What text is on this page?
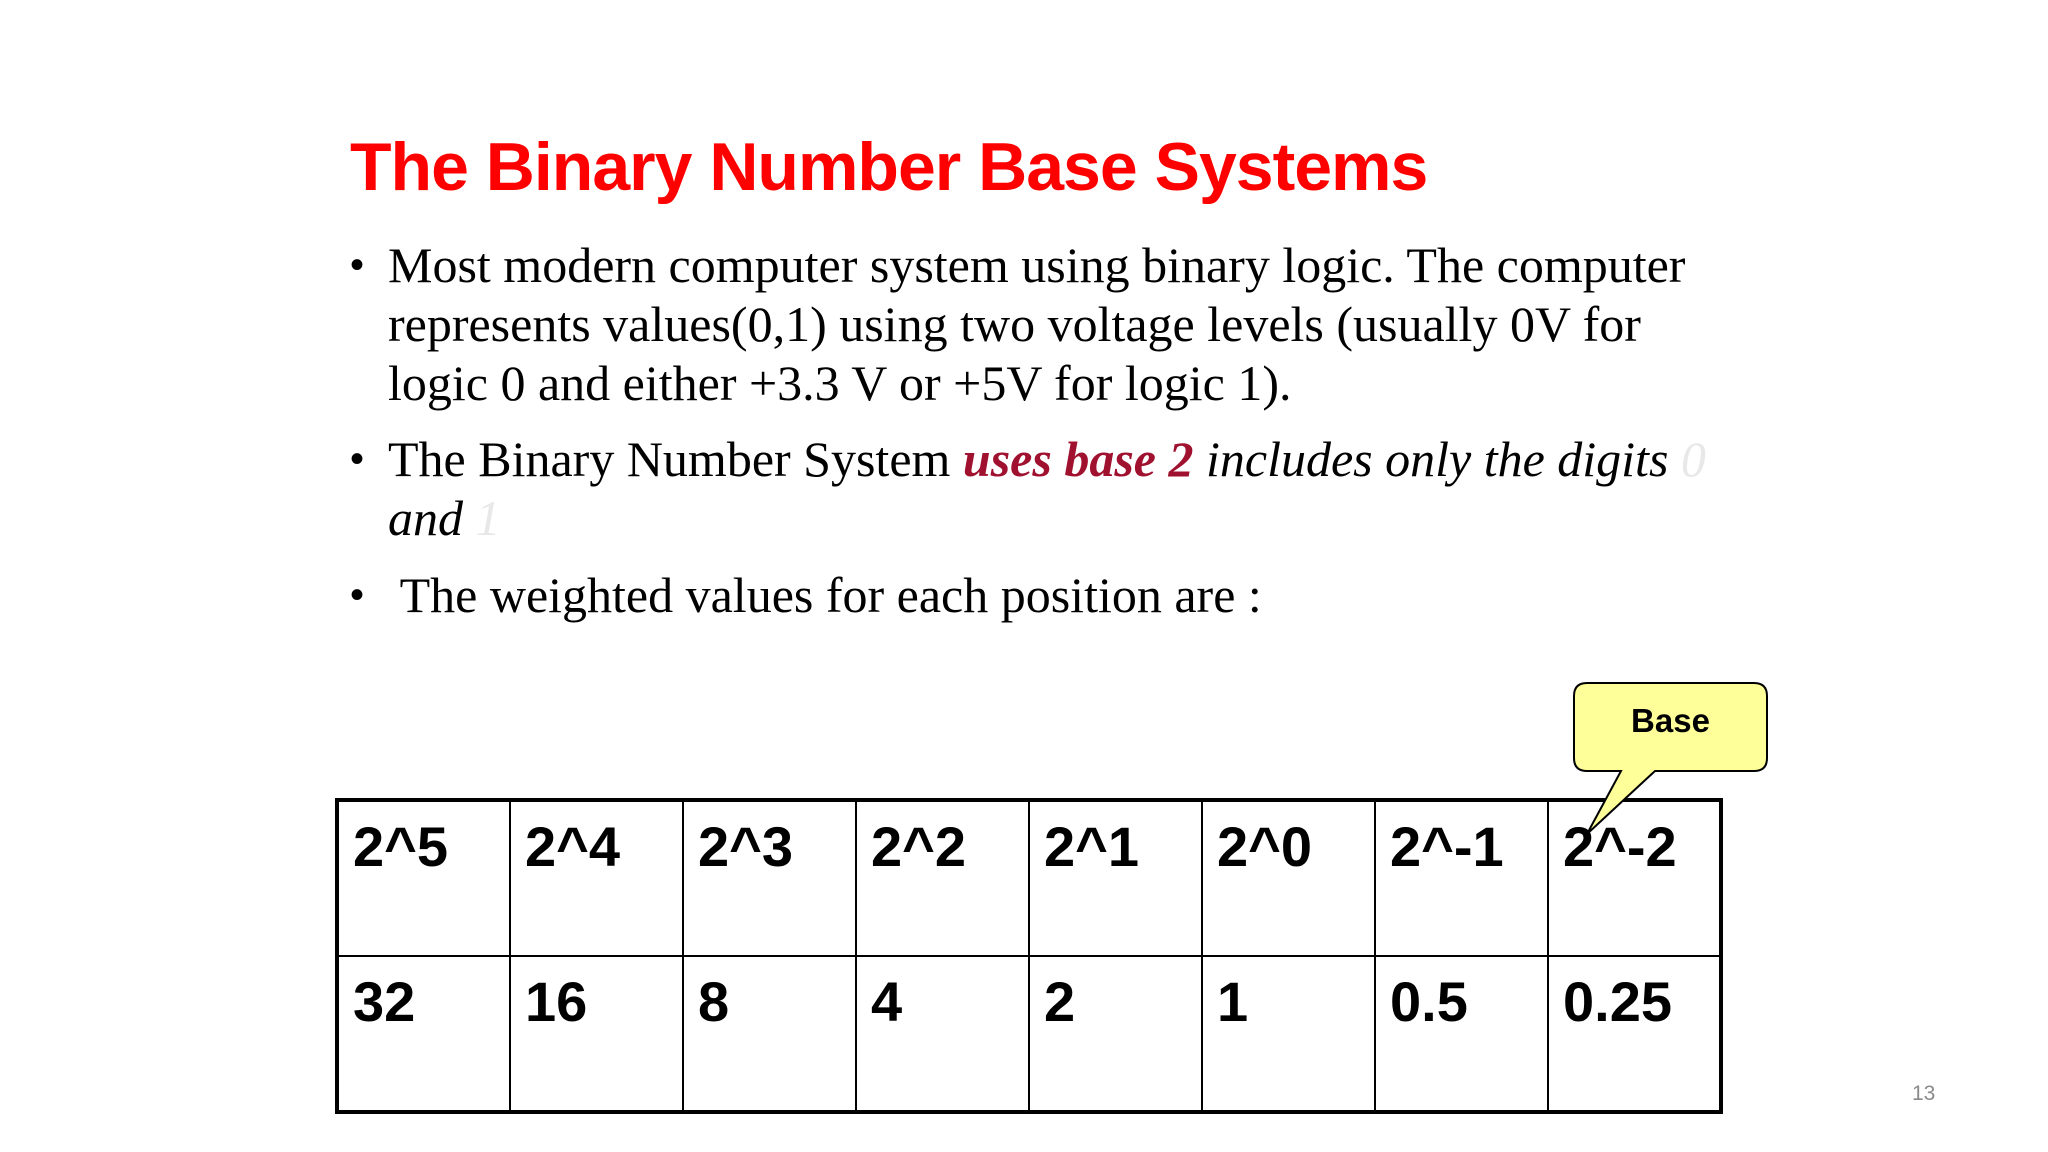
The Binary Number Base Systems
• Most modern computer system using binary logic. The computer represents values(0,1) using two voltage levels (usually 0V for logic 0 and either +3.3 V or +5V for logic 1).
• The Binary Number System uses base 2 includes only the digits 0 and 1
• The weighted values for each position are :
2^5	2^4	2^3	2^2	2^1	2^0	2^-1	2^-2
32	16	8	4	2	1	0.5	0.25
Base
13
